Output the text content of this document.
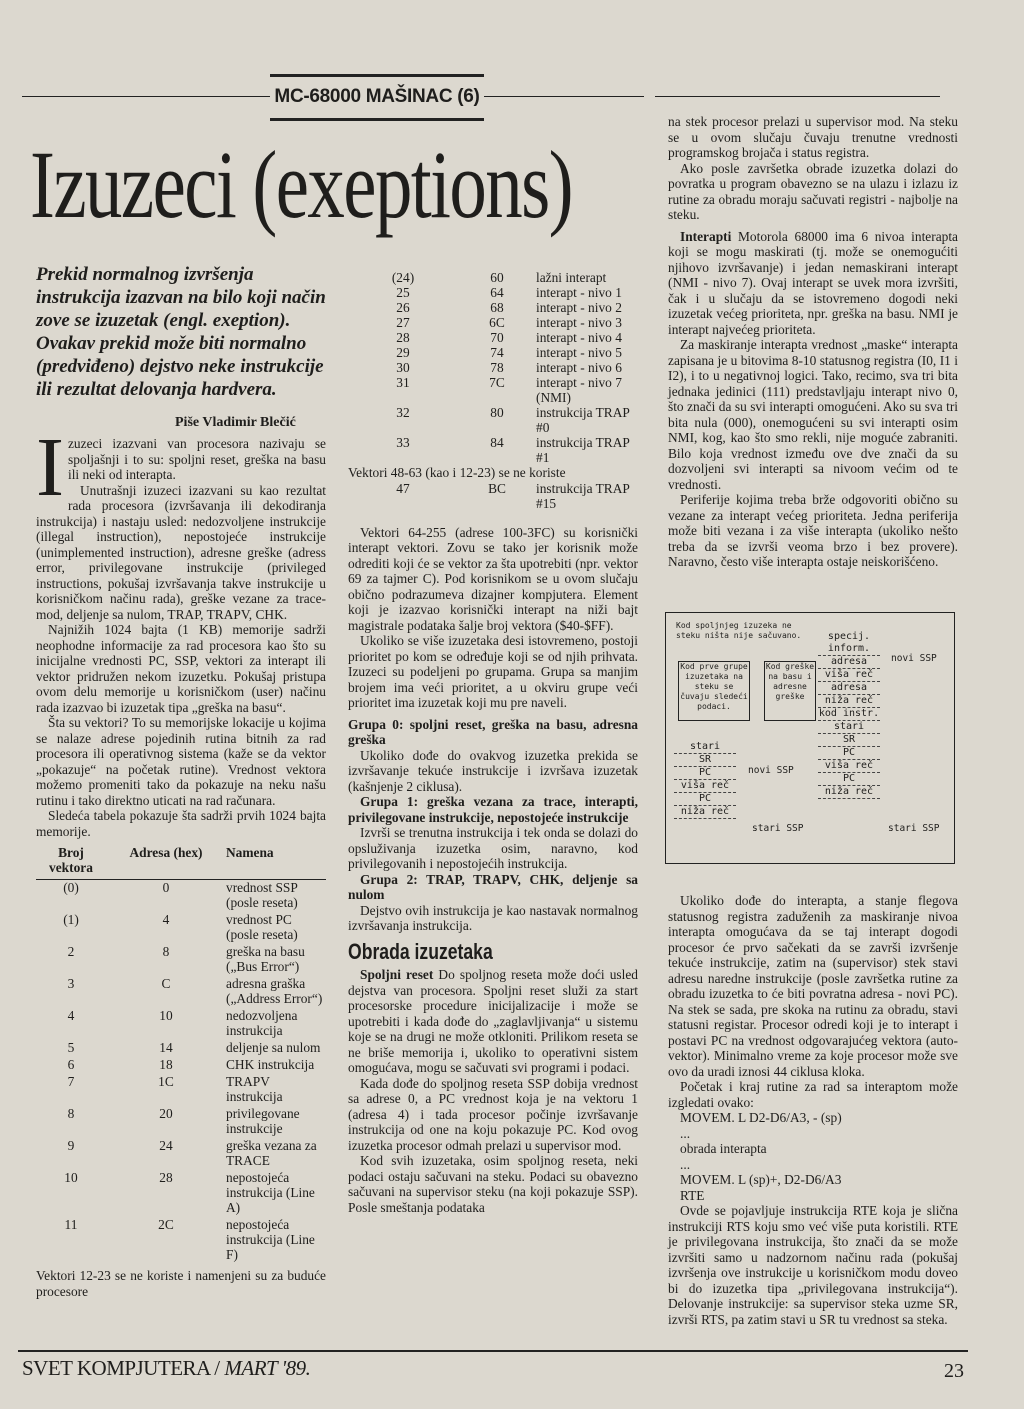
MC-68000 MAŠINAC (6)
Izuzeci (exeptions)
Prekid normalnog izvršenja instrukcija izazvan na bilo koji način zove se izuzetak (engl. exeption). Ovakav prekid može biti normalno (predviđeno) dejstvo neke instrukcije ili rezultat delovanja hardvera.
Piše Vladimir Blečić

Izuzeci izazvani van procesora nazivaju se spoljašnji i to su: spoljni reset, greška na basu ili neki od interapta.

Unutrašnji izuzeci izazvani su kao rezultat rada procesora (izvršavanja ili dekodiranja instrukcija) i nastaju usled: nedozvoljene instrukcije (illegal instruction), nepostojeće instrukcije (unimplemented instruction), adresne greške (adress error, privilegovane instrukcije (privileged instructions, pokušaj izvršavanja takve instrukcije u korisničkom načinu rada), greške vezane za trace-mod, deljenje sa nulom, TRAP, TRAPV, CHK.

Najnižih 1024 bajta (1 KB) memorije sadrži neophodne informacije za rad procesora kao što su inicijalne vrednosti PC, SSP, vektori za interapt ili vektor pridružen nekom izuzetku. Pokušaj pristupa ovom delu memorije u korisničkom (user) načinu rada izazvao bi izuzetak tipa „greška na basu“.

Šta su vektori? To su memorijske lokacije u kojima se nalaze adrese pojedinih rutina bitnih za rad procesora ili operativnog sistema (kaže se da vektor „pokazuje“ na početak rutine). Vrednost vektora možemo promeniti tako da pokazuje na neku našu rutinu i tako direktno uticati na rad računara.

Sledeća tabela pokazuje šta sadrži prvih 1024 bajta memorije.

Broj vektora	Adresa (hex)	Namena
(0)	0	vrednost SSP (posle reseta)
(1)	4	vrednost PC (posle reseta)
2	8	greška na basu („Bus Error“)
3	C	adresna graška („Address Error“)
4	10	nedozvoljena instrukcija
5	14	deljenje sa nulom
6	18	CHK instrukcija
7	1C	TRAPV instrukcija
8	20	privilegovane instrukcije
9	24	greška vezana za TRACE
10	28	nepostojeća instrukcija (Line A)
11	2C	nepostojeća instrukcija (Line F)

Vektori 12-23 se ne koriste i namenjeni su za buduće procesore

(24)	60	lažni interapt
25	64	interapt - nivo 1
26	68	interapt - nivo 2
27	6C	interapt - nivo 3
28	70	interapt - nivo 4
29	74	interapt - nivo 5
30	78	interapt - nivo 6
31	7C	interapt - nivo 7 (NMI)
32	80	instrukcija TRAP #0
33	84	instrukcija TRAP #1

Vektori 48-63 (kao i 12-23) se ne koriste

47	BC	instrukcija TRAP #15

Vektori 64-255 (adrese 100-3FC) su korisnički interapt vektori. Zovu se tako jer korisnik može odrediti koji će se vektor za šta upotrebiti (npr. vektor 69 za tajmer C). Pod korisnikom se u ovom slučaju obično podrazumeva dizajner kompjutera. Element koji je izazvao korisnički interapt na niži bajt magistrale podataka šalje broj vektora ($40-$FF).

Ukoliko se više izuzetaka desi istovremeno, postoji prioritet po kom se određuje koji se od njih prihvata. Izuzeci su podeljeni po grupama. Grupa sa manjim brojem ima veći prioritet, a u okviru grupe veći prioritet ima izuzetak koji mu pre naveli.

Grupa 0: spoljni reset, greška na basu, adresna greška

Ukoliko dođe do ovakvog izuzetka prekida se izvršavanje tekuće instrukcije i izvršava izuzetak (kašnjenje 2 ciklusa).

Grupa 1: greška vezana za trace, interapti, privilegovane instrukcije, nepostojeće instrukcije

Izvrši se trenutna instrukcija i tek onda se dolazi do opsluživanja izuzetka osim, naravno, kod privilegovanih i nepostojećih instrukcija.

Grupa 2: TRAP, TRAPV, CHK, deljenje sa nulom

Dejstvo ovih instrukcija je kao nastavak normalnog izvršavanja instrukcija.

Obrada izuzetaka

Spoljni reset Do spoljnog reseta može doći usled dejstva van procesora. Spoljni reset služi za start procesorske procedure inicijalizacije i može se upotrebiti i kada dođe do „zaglavljivanja“ u sistemu koje se na drugi ne može otkloniti. Prilikom reseta se ne briše memorija i, ukoliko to operativni sistem omogućava, mogu se sačuvati svi programi i podaci.

Kada dođe do spoljnog reseta SSP dobija vrednost sa adrese 0, a PC vrednost koja je na vektoru 1 (adresa 4) i tada procesor počinje izvršavanje instrukcija od one na koju pokazuje PC. Kod ovog izuzetka procesor odmah prelazi u supervisor mod.

Kod svih izuzetaka, osim spoljnog reseta, neki podaci ostaju sačuvani na steku. Podaci su obavezno sačuvani na supervisor steku (na koji pokazuje SSP). Posle smeštanja podataka

na stek procesor prelazi u supervisor mod. Na steku se u ovom slučaju čuvaju trenutne vrednosti programskog brojača i status registra.

Ako posle završetka obrade izuzetka dolazi do povratka u program obavezno se na ulazu i izlazu iz rutine za obradu moraju sačuvati registri - najbolje na steku.

Interapti Motorola 68000 ima 6 nivoa interapta koji se mogu maskirati (tj. može se onemogućiti njihovo izvršavanje) i jedan nemaskirani interapt (NMI - nivo 7). Ovaj interapt se uvek mora izvršiti, čak i u slučaju da se istovremeno dogodi neki izuzetak većeg prioriteta, npr. greška na basu. NMI je interapt najvećeg prioriteta.

Za maskiranje interapta vrednost „maske“ interapta zapisana je u bitovima 8-10 statusnog registra (I0, I1 i I2), i to u negativnoj logici. Tako, recimo, sva tri bita jednaka jedinici (111) predstavljaju interapt nivo 0, što znači da su svi interapti omogućeni. Ako su sva tri bita nula (000), onemogućeni su svi interapti osim NMI, kog, kao što smo rekli, nije moguće zabraniti. Bilo koja vrednost između ove dve znači da su dozvoljeni svi interapti sa nivoom većim od te vrednosti.

Periferije kojima treba brže odgovoriti obično su vezane za interapt većeg prioriteta. Jedna periferija može biti vezana i za više interapta (ukoliko nešto treba da se izvrši veoma brzo i bez provere). Naravno, često više interapta ostaje neiskorišćeno.

Kod spoljnjeg izuzeka ne steku ništa nije sačuvano.
Kod prve grupe izuzetaka na steku se čuvaju sledeći podaci.
Kod greške na basu i adresne greške
stari
SR
PC
viša reč
PC
niža reč
specij. inform.
adresa
viša reč
adresa
niža reč
kod instr.
stari
SR
PC
viša reč
PC
niža reč
novi SSP
novi SSP
stari SSP	stari SSP

Ukoliko dođe do interapta, a stanje flegova statusnog registra zaduženih za maskiranje nivoa interapta omogućava da se taj interapt dogodi procesor će prvo sačekati da se završi izvršenje tekuće instrukcije, zatim na (supervisor) stek stavi adresu naredne instrukcije (posle završetka rutine za obradu izuzetka to će biti povratna adresa - novi PC). Na stek se sada, pre skoka na rutinu za obradu, stavi statusni registar. Procesor odredi koji je to interapt i postavi PC na vrednost odgovarajućeg vektora (auto-vektor). Minimalno vreme za koje procesor može sve ovo da uradi iznosi 44 ciklusa kloka.

Početak i kraj rutine za rad sa interaptom može izgledati ovako:

MOVEM. L D2-D6/A3, - (sp)

...

obrada interapta

...

MOVEM. L (sp)+, D2-D6/A3

RTE

Ovde se pojavljuje instrukcija RTE koja je slična instrukciji RTS koju smo već više puta koristili. RTE je privilegovana instrukcija, što znači da se može izvršiti samo u nadzornom načinu rada (pokušaj izvršenja ove instrukcije u korisničkom modu doveo bi do izuzetka tipa „privilegovana instrukcija“). Delovanje instrukcije: sa supervisor steka uzme SR, izvrši RTS, pa zatim stavi u SR tu vrednost sa steka.

SVET KOMPJUTERA / MART '89.	23
